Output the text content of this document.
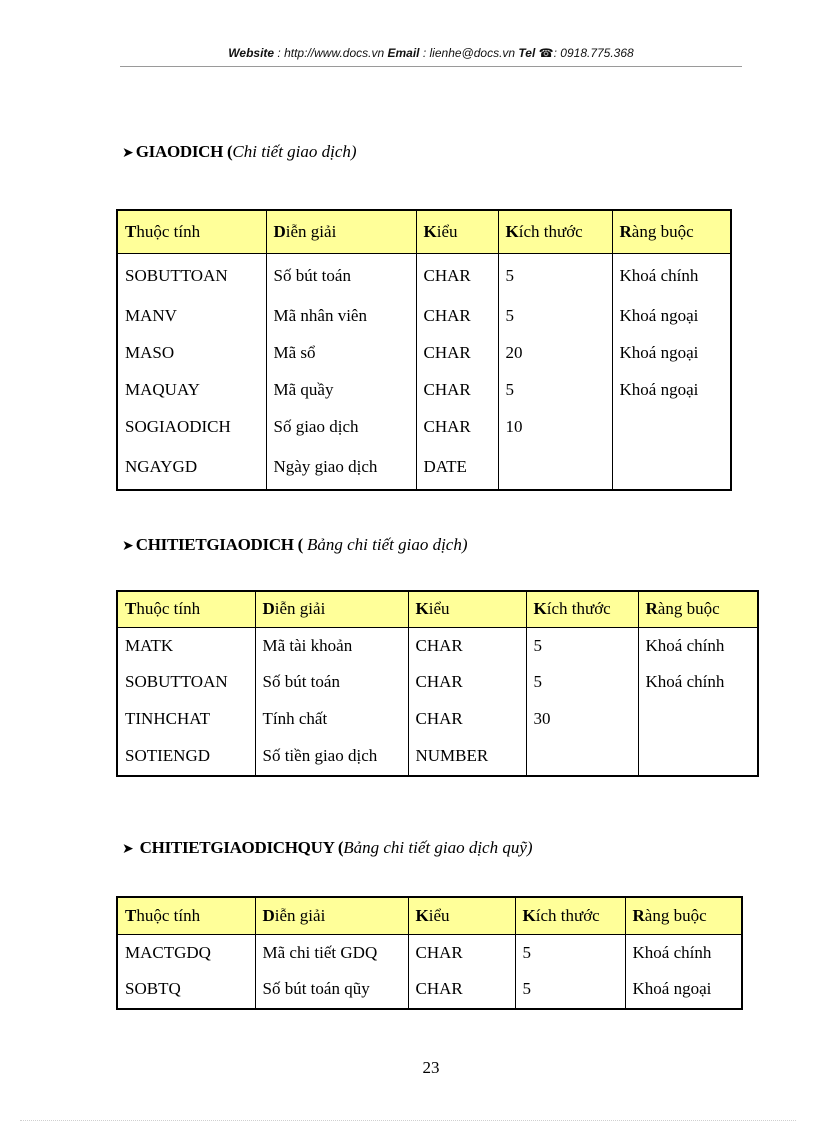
Website : http://www.docs.vn Email : lienhe@docs.vn Tel ☎: 0918.775.368
➤ GIAODICH (Chi tiết giao dịch)
Thuộc tính	Diễn giải	Kiểu	Kích thước	Ràng buộc
SOBUTTOAN	Số bút toán	CHAR	5	Khoá chính
MANV	Mã nhân viên	CHAR	5	Khoá ngoại
MASO	Mã sổ	CHAR	20	Khoá ngoại
MAQUAY	Mã quầy	CHAR	5	Khoá ngoại
SOGIAODICH	Số giao dịch	CHAR	10	
NGAYGD	Ngày giao dịch	DATE		
➤ CHITIETGIAODICH ( Bảng chi tiết giao dịch)
Thuộc tính	Diễn giải	Kiểu	Kích thước	Ràng buộc
MATK	Mã tài khoản	CHAR	5	Khoá chính
SOBUTTOAN	Số bút toán	CHAR	5	Khoá chính
TINHCHAT	Tính chất	CHAR	30	
SOTIENGD	Số tiền giao dịch	NUMBER		
➤ CHITIETGIAODICHQUY (Bảng chi tiết giao dịch quỹ)
Thuộc tính	Diễn giải	Kiểu	Kích thước	Ràng buộc
MACTGDQ	Mã chi tiết GDQ	CHAR	5	Khoá chính
SOBTQ	Số bút toán qũy	CHAR	5	Khoá ngoại
23
